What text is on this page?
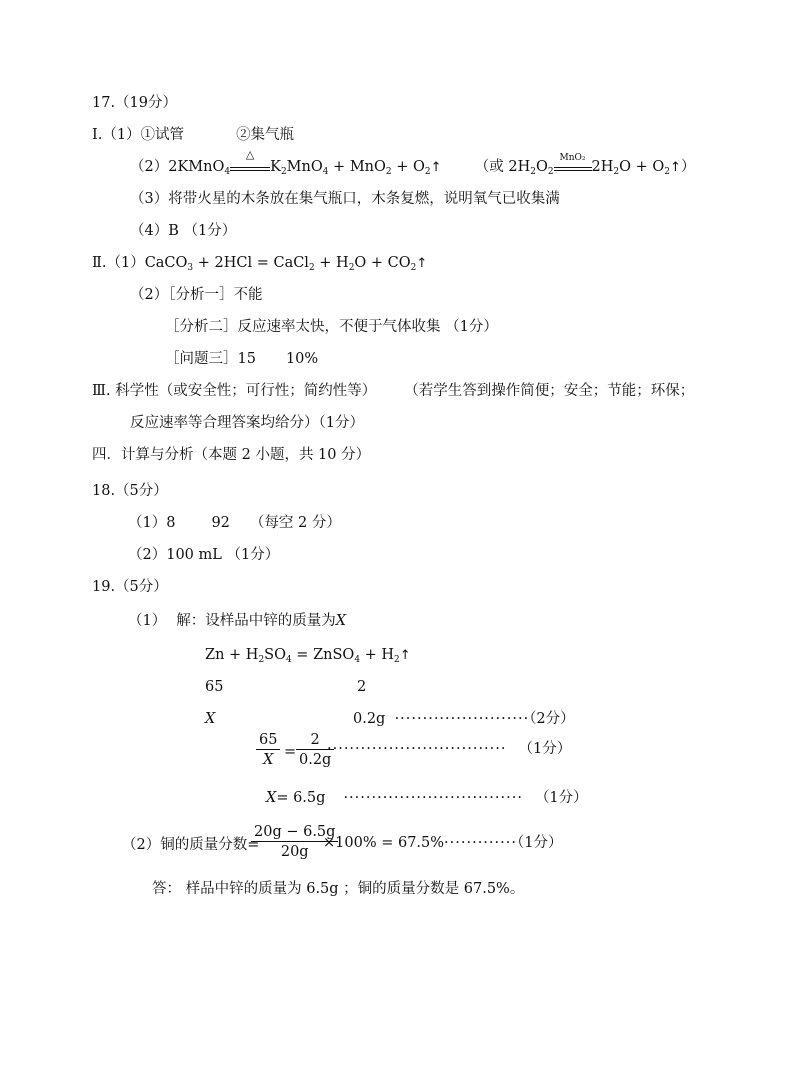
17.（19分）
Ⅰ.（1）①试管	②集气瓶
（2）2KMnO$_4$
△
$K_2MnO_4 + MnO_2$ + $O_2↑$ （或 $2H_2O_2$
MnO₂
$2H_2O$ + $O_2↑$）
（3）将带火星的木条放在集气瓶口，木条复燃，说明氧气已收集满
（4）B （1分）
Ⅱ.（1）CaCO$_3$ + 2HCl = CaCl$_2$ + $H_2O$ + $CO_2↑$
（2）［分析一］不能
［分析二］反应速率太快，不便于气体收集 （1分）
［问题三］15 10%
Ⅲ. 科学性（或安全性；可行性；简约性等） （若学生答到操作简便；安全；节能；环保；
反应速率等合理答案均给分）（1分）
四．计算与分析（本题 2 小题，共 10 分）
18.（5分）
（1）8 92 （每空 2 分）
（2）100 mL （1分）
19.（5分）
（1） 解：设样品中锌的质量为X
$Zn + H_2SO_4$ = ZnSO$_4$ + $H_2↑$
65	2
X	0.2g ························（2分）
65
X =
2
0.2g
································ （1分）
X= 6.5g ································ （1分）
（2）铜的质量分数=
20g − 6.5g
20g
×100% = 67.5%·············（1分）
答： 样品中锌的质量为 6.5g ；铜的质量分数是 67.5%。
